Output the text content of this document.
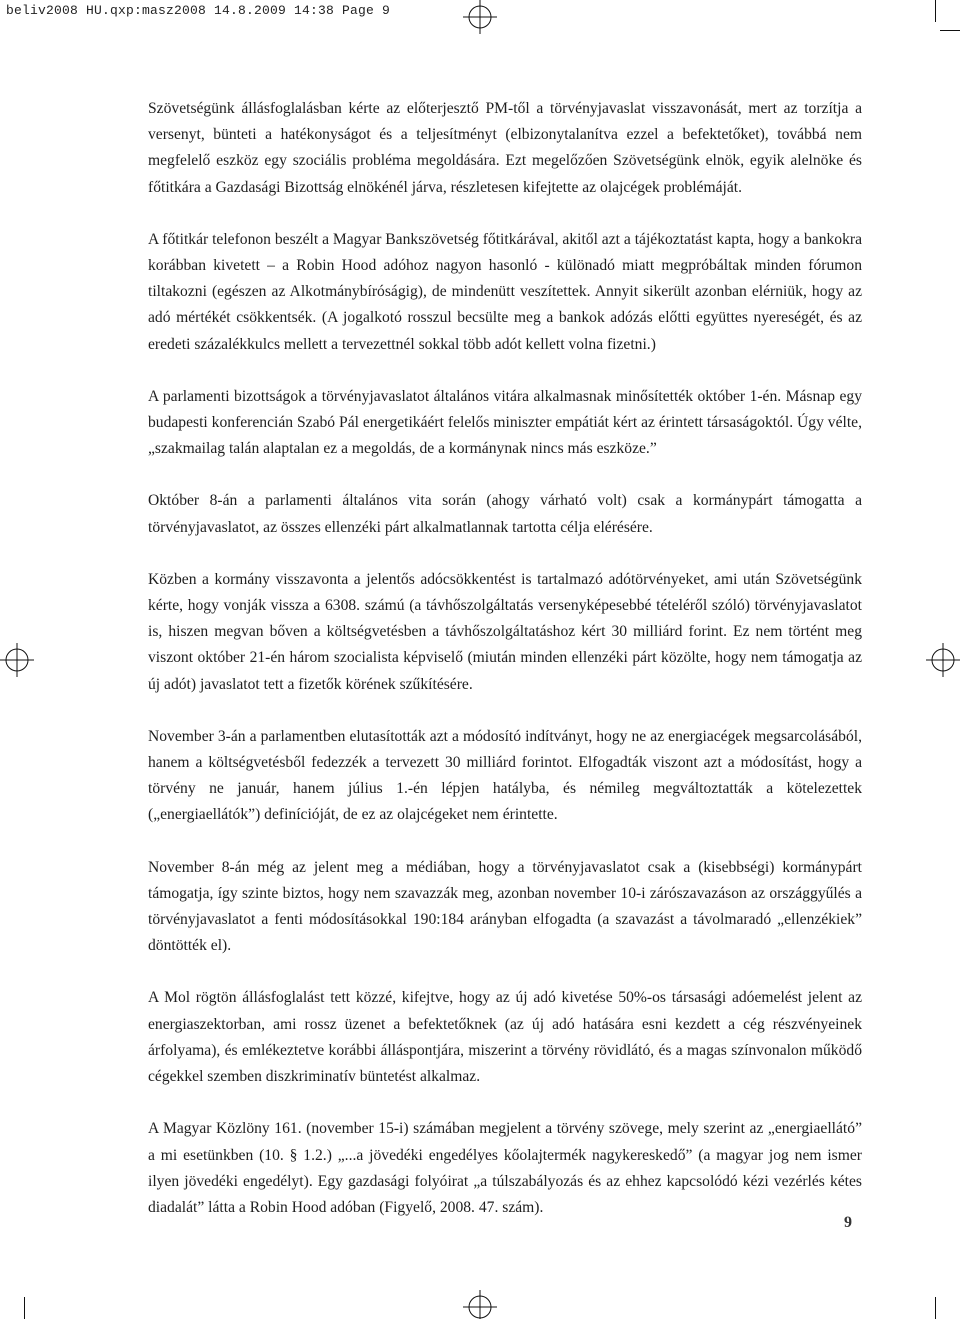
beliv2008 HU.qxp:masz2008 14.8.2009 14:38 Page 9

Szövetségünk állásfoglalásban kérte az előterjesztő PM-től a törvényjavaslat visszavonását, mert az torzítja a versenyt, bünteti a hatékonyságot és a teljesítményt (elbizonytalanítva ezzel a befektetőket), továbbá nem megfelelő eszköz egy szociális probléma megoldására. Ezt megelőzően Szövetségünk elnök, egyik alelnöke és főtitkára a Gazdasági Bizottság elnökénél járva, részletesen kifejtette az olajcégek problémáját.

A főtitkár telefonon beszélt a Magyar Bankszövetség főtitkárával, akitől azt a tájékoztatást kapta, hogy a bankokra korábban kivetett – a Robin Hood adóhoz nagyon hasonló - különadó miatt megpróbáltak minden fórumon tiltakozni (egészen az Alkotmánybíróságig), de mindenütt veszítettek. Annyit sikerült azonban elérniük, hogy az adó mértékét csökkentsék. (A jogalkotó rosszul becsülte meg a bankok adózás előtti együttes nyereségét, és az eredeti százalékkulcs mellett a tervezettnél sokkal több adót kellett volna fizetni.)

A parlamenti bizottságok a törvényjavaslatot általános vitára alkalmasnak minősítették október 1-én. Másnap egy budapesti konferencián Szabó Pál energetikáért felelős miniszter empátiát kért az érintett társaságoktól. Úgy vélte, „szakmailag talán alaptalan ez a megoldás, de a kormánynak nincs más eszköze.”

Október 8-án a parlamenti általános vita során (ahogy várható volt) csak a kormánypárt támogatta a törvényjavaslatot, az összes ellenzéki párt alkalmatlannak tartotta célja elérésére.

Közben a kormány visszavonta a jelentős adócsökkentést is tartalmazó adótörvényeket, ami után Szövetségünk kérte, hogy vonják vissza a 6308. számú (a távhőszolgáltatás versenyképesebbé tételéről szóló) törvényjavaslatot is, hiszen megvan bőven a költségvetésben a távhőszolgáltatáshoz kért 30 milliárd forint. Ez nem történt meg viszont október 21-én három szocialista képviselő (miután minden ellenzéki párt közölte, hogy nem támogatja az új adót) javaslatot tett a fizetők körének szűkítésére.

November 3-án a parlamentben elutasították azt a módosító indítványt, hogy ne az energiacégek megsarcolásából, hanem a költségvetésből fedezzék a tervezett 30 milliárd forintot. Elfogadták viszont azt a módosítást, hogy a törvény ne január, hanem július 1.-én lépjen hatályba, és némileg megváltoztatták a kötelezettek („energiaellátók”) definícióját, de ez az olajcégeket nem érintette.

November 8-án még az jelent meg a médiában, hogy a törvényjavaslatot csak a (kisebbségi) kormánypárt támogatja, így szinte biztos, hogy nem szavazzák meg, azonban november 10-i zárószavazáson az országgyűlés a törvényjavaslatot a fenti módosításokkal 190:184 arányban elfogadta (a szavazást a távolmaradó „ellenzékiek” döntötték el).

A Mol rögtön állásfoglalást tett közzé, kifejtve, hogy az új adó kivetése 50%-os társasági adóemelést jelent az energiaszektorban, ami rossz üzenet a befektetőknek (az új adó hatására esni kezdett a cég részvényeinek árfolyama), és emlékeztetve korábbi álláspontjára, miszerint a törvény rövidlátó, és a magas színvonalon működő cégekkel szemben diszkriminatív büntetést alkalmaz.

A Magyar Közlöny 161. (november 15-i) számában megjelent a törvény szövege, mely szerint az „energiaellátó” a mi esetünkben (10. § 1.2.) „...a jövedéki engedélyes kőolajtermék nagykereskedő” (a magyar jog nem ismer ilyen jövedéki engedélyt). Egy gazdasági folyóirat „a túlszabályozás és az ehhez kapcsolódó kézi vezérlés kétes diadalát” látta a Robin Hood adóban (Figyelő, 2008. 47. szám).

9
